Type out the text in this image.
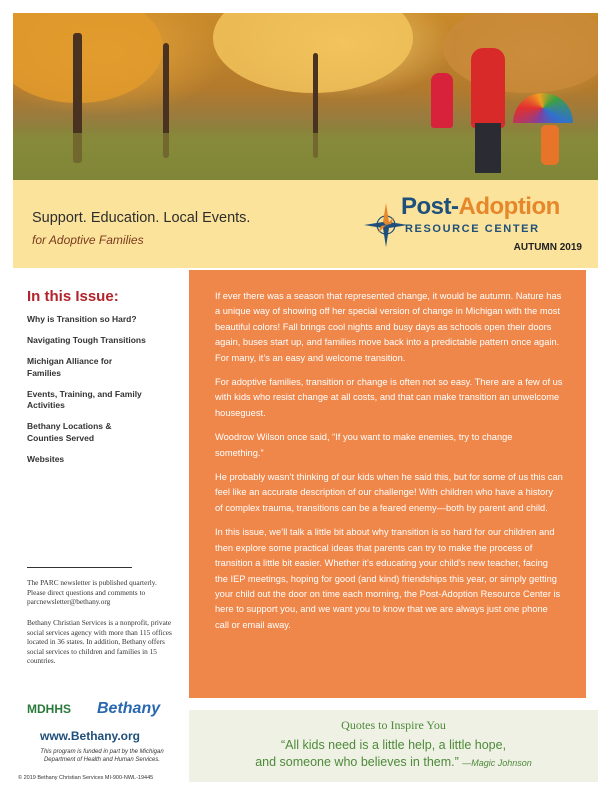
Support. Education. Local Events.
for Adoptive Families
Post-Adoption
RESOURCE CENTER
AUTUMN 2019
In this Issue:
Why is Transition so Hard?
Navigating Tough Transitions
Michigan Alliance for Families
Events, Training, and Family Activities
Bethany Locations & Counties Served
Websites
The PARC newsletter is published quarterly. Please direct questions and comments to parcnewsletter@bethany.org
Bethany Christian Services is a nonprofit, private social services agency with more than 115 offices located in 36 states. In addition, Bethany offers social services to children and families in 15 countries.
MDHHS Bethany
www.Bethany.org
This program is funded in part by the Michigan Department of Health and Human Services.
© 2019 Bethany Christian Services MI-900-NWL-19445

If ever there was a season that represented change, it would be autumn. Nature has a unique way of showing off her special version of change in Michigan with the most beautiful colors! Fall brings cool nights and busy days as schools open their doors again, buses start up, and families move back into a predictable pattern once again. For many, it’s an easy and welcome transition.

For adoptive families, transition or change is often not so easy. There are a few of us with kids who resist change at all costs, and that can make transition an unwelcome houseguest.

Woodrow Wilson once said, “If you want to make enemies, try to change something.”

He probably wasn’t thinking of our kids when he said this, but for some of us this can feel like an accurate description of our challenge! With children who have a history of complex trauma, transitions can be a feared enemy—both by parent and child.

In this issue, we’ll talk a little bit about why transition is so hard for our children and then explore some practical ideas that parents can try to make the process of transition a little bit easier. Whether it’s educating your child’s new teacher, facing the IEP meetings, hoping for good (and kind) friendships this year, or simply getting your child out the door on time each morning, the Post-Adoption Resource Center is here to support you, and we want you to know that we are always just one phone call or email away.

Quotes to Inspire You
“All kids need is a little help, a little hope,
and someone who believes in them.” —Magic Johnson
